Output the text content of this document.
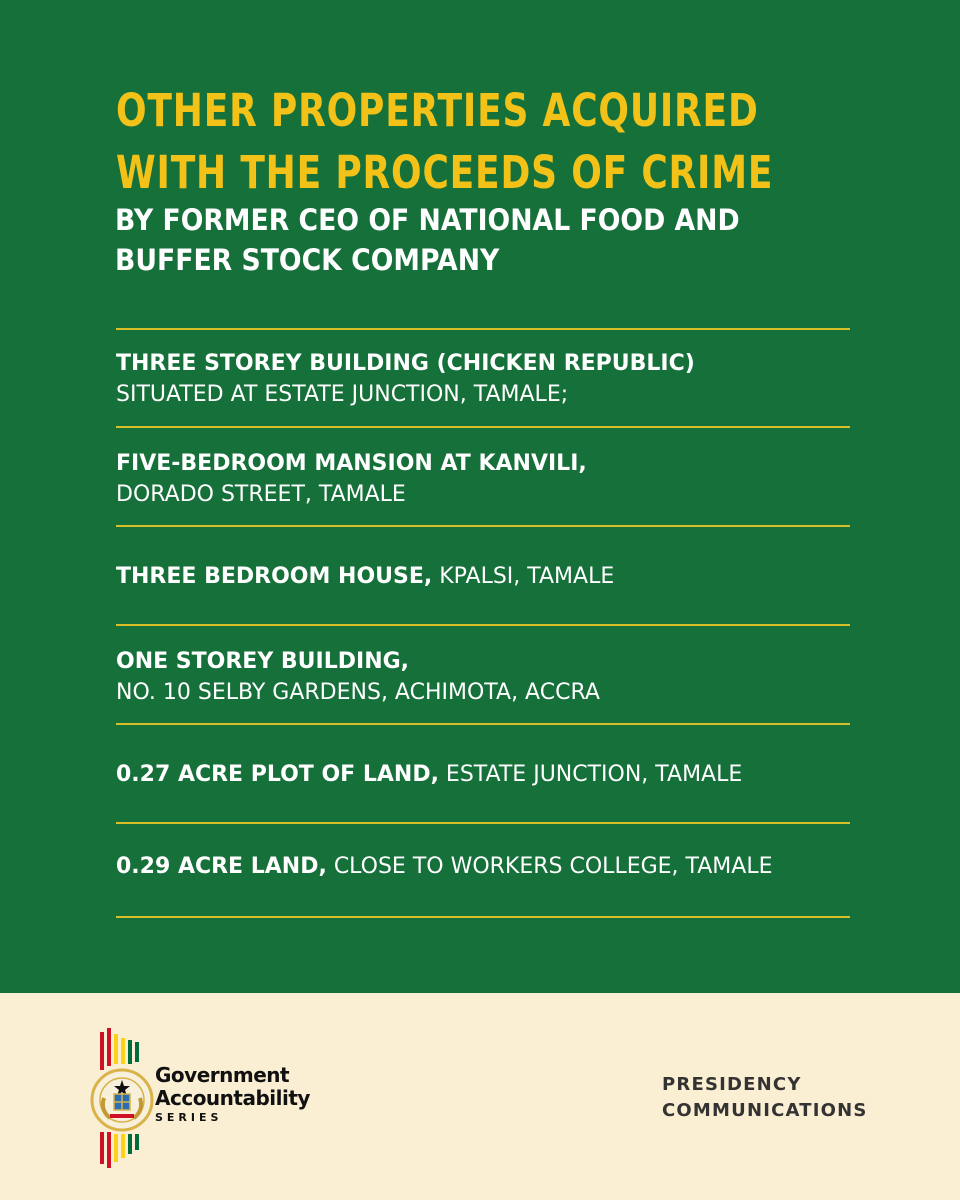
OTHER PROPERTIES ACQUIRED
WITH THE PROCEEDS OF CRIME
BY FORMER CEO OF NATIONAL FOOD AND
BUFFER STOCK COMPANY
THREE STOREY BUILDING (CHICKEN REPUBLIC)
SITUATED AT ESTATE JUNCTION, TAMALE;
FIVE-BEDROOM MANSION AT KANVILI,
DORADO STREET, TAMALE
THREE BEDROOM HOUSE, KPALSI, TAMALE
ONE STOREY BUILDING,
NO. 10 SELBY GARDENS, ACHIMOTA, ACCRA
0.27 ACRE PLOT OF LAND, ESTATE JUNCTION, TAMALE
0.29 ACRE LAND, CLOSE TO WORKERS COLLEGE, TAMALE
Government
Accountability
SERIES
PRESIDENCY
COMMUNICATIONS
